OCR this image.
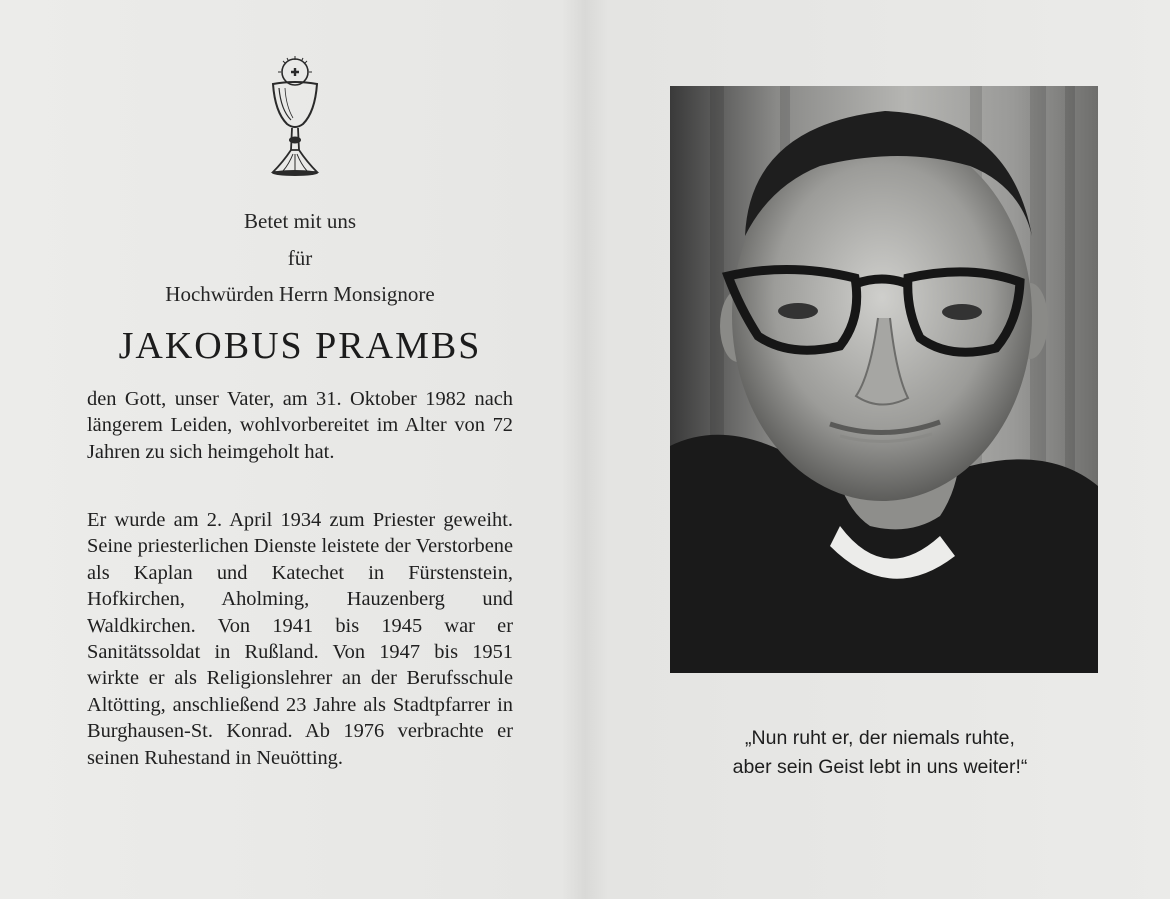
Betet mit uns
für
Hochwürden Herrn Monsignore
JAKOBUS PRAMBS

den Gott, unser Vater, am 31. Oktober 1982 nach längerem Leiden, wohlvorbereitet im Alter von 72 Jahren zu sich heimgeholt hat.

Er wurde am 2. April 1934 zum Priester geweiht. Seine priesterlichen Dienste leistete der Verstorbene als Kaplan und Katechet in Fürstenstein, Hofkirchen, Aholming, Hauzenberg und Waldkirchen. Von 1941 bis 1945 war er Sanitätssoldat in Rußland. Von 1947 bis 1951 wirkte er als Religionslehrer an der Berufsschule Altötting, anschließend 23 Jahre als Stadtpfarrer in Burghausen-St. Konrad. Ab 1976 verbrachte er seinen Ruhestand in Neuötting.

„Nun ruht er, der niemals ruhte,
aber sein Geist lebt in uns weiter!“
